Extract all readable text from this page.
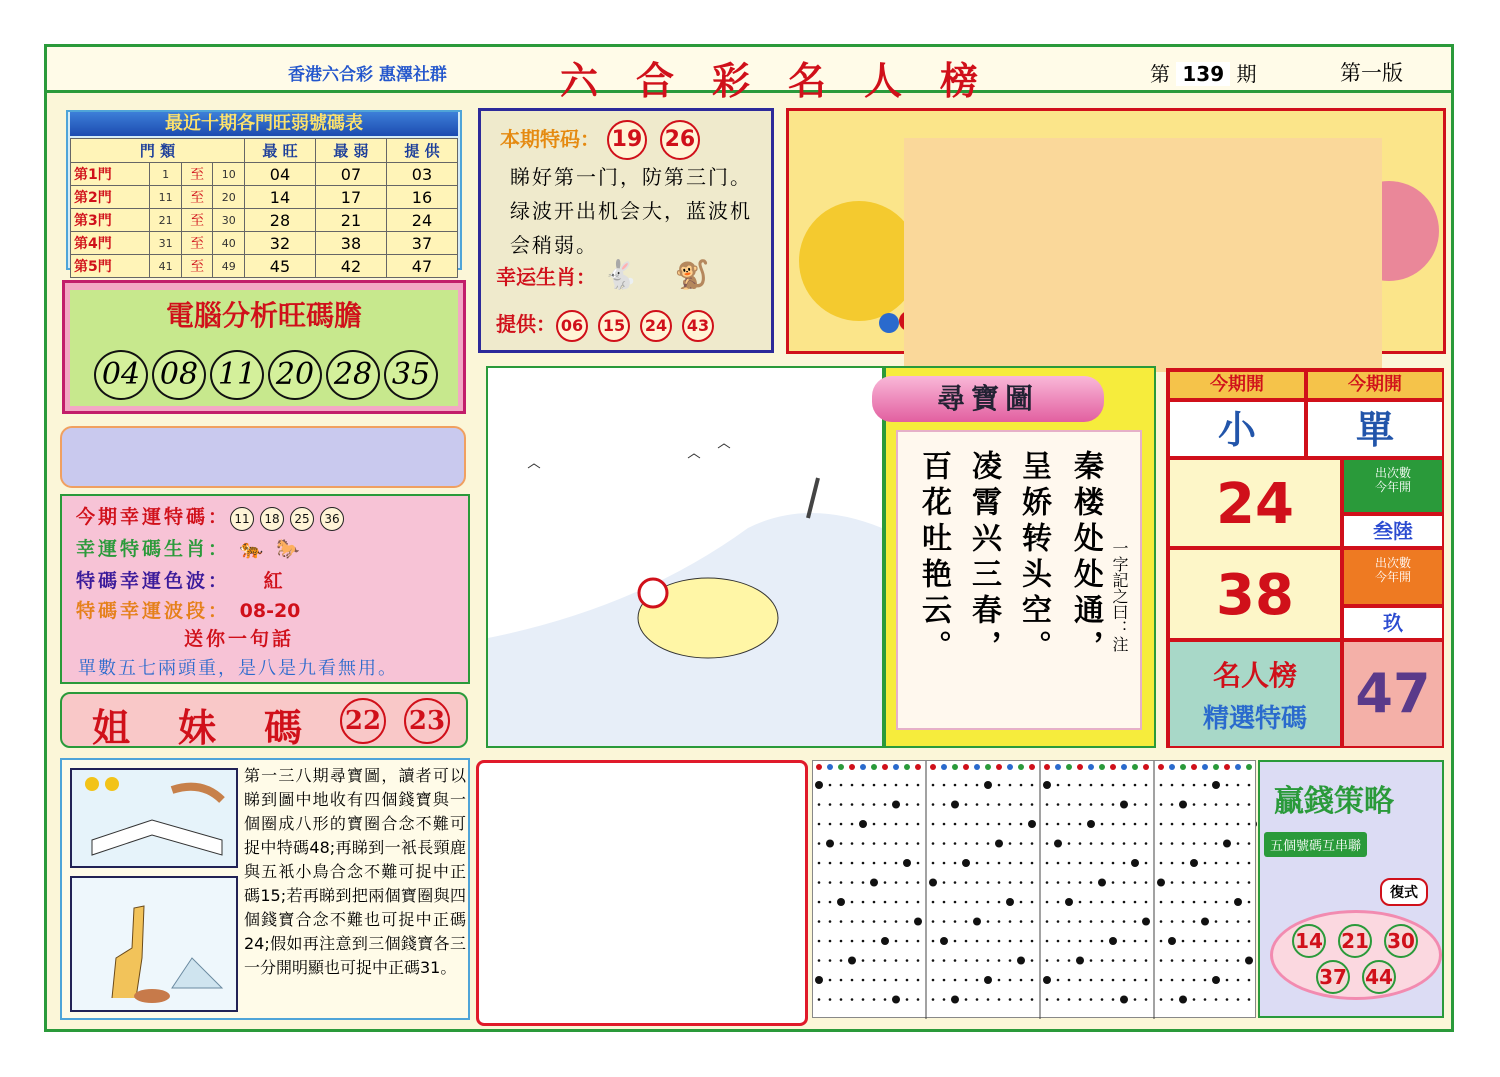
香港六合彩 惠澤社群	六合彩名人榜	第 139 期	第一版
最近十期各門旺弱號碼表
門 類				最 旺	最 弱	提 供
第1門	1	至	10	04	07	03
第2門	11	至	20	14	17	16
第3門	21	至	30	28	21	24
第4門	31	至	40	32	38	37
第5門	41	至	49	45	42	47
電腦分析旺碼膽
04 08 11 20 28 35
今期幸運特碼： 11 18 25 36
幸運特碼生肖： 🐅 🐎
特碼幸運色波： 紅
特碼幸運波段： 08-20
送你一句話
單數五七兩頭重，是八是九看無用。
姐妹碼
22 23
第一三八期尋寶圖，讀者可以睇到圖中地收有四個錢寶與一個圈成八形的寶圈合念不難可捉中特碼48;再睇到一衹長頸鹿與五衹小鳥合念不難可捉中正碼15;若再睇到把兩個寶圈與四個錢寶合念不難也可捉中正碼24;假如再注意到三個錢寶各三一分開明顯也可捉中正碼31。
本期特码： 19 26
睇好第一门，防第三门。绿波开出机会大，蓝波机会稍弱。
幸运生肖： 🐇 🐒
提供： 06 15 24 43
尋寶圖
秦楼处处通，
呈娇转头空。
凌霄兴三春，
百花吐艳云。	一字記之曰：注
今期開	今期開
小	單
24	出次數
今年開
叁陸
38	出次數
今年開
玖
名人榜
精選特碼 47
贏錢策略
五個號碼互串聯
復式
14 21 30
37 44
